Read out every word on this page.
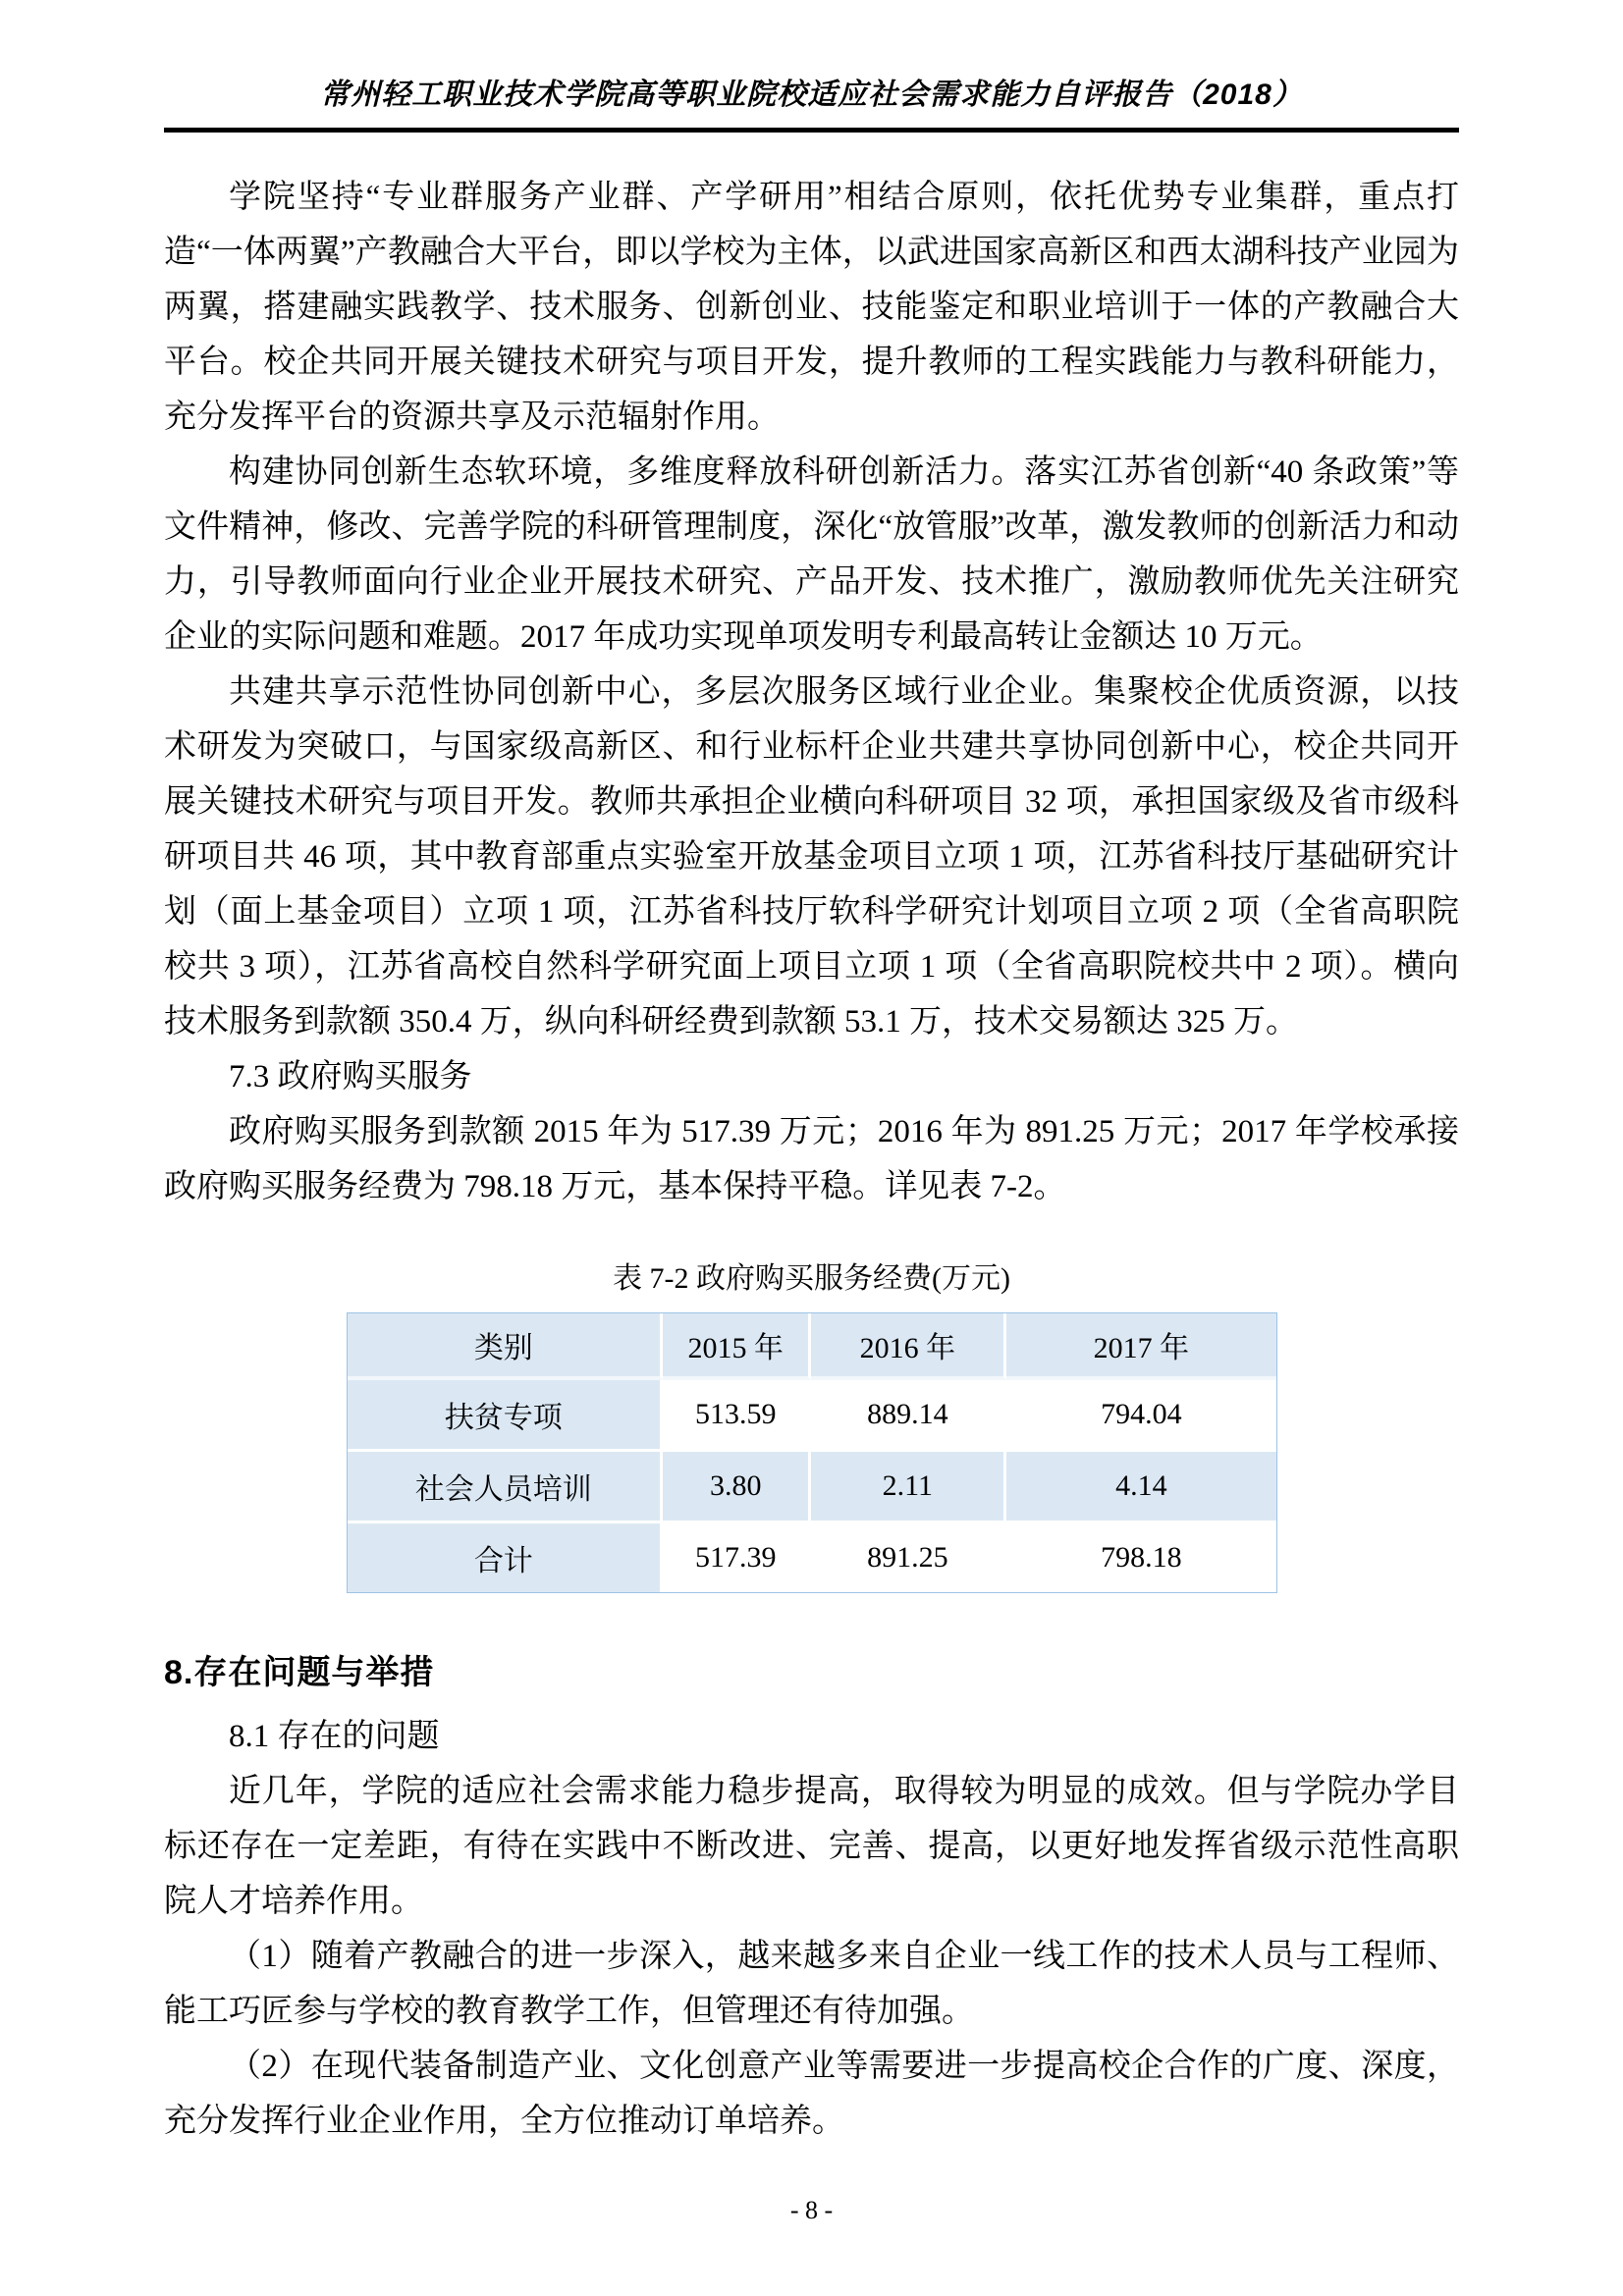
常州轻工职业技术学院高等职业院校适应社会需求能力自评报告（2018）

学院坚持“专业群服务产业群、产学研用”相结合原则，依托优势专业集群，重点打造“一体两翼”产教融合大平台，即以学校为主体，以武进国家高新区和西太湖科技产业园为两翼，搭建融实践教学、技术服务、创新创业、技能鉴定和职业培训于一体的产教融合大平台。校企共同开展关键技术研究与项目开发，提升教师的工程实践能力与教科研能力，充分发挥平台的资源共享及示范辐射作用。

构建协同创新生态软环境，多维度释放科研创新活力。落实江苏省创新“40 条政策”等文件精神，修改、完善学院的科研管理制度，深化“放管服”改革，激发教师的创新活力和动力，引导教师面向行业企业开展技术研究、产品开发、技术推广，激励教师优先关注研究企业的实际问题和难题。2017 年成功实现单项发明专利最高转让金额达 10 万元。

共建共享示范性协同创新中心，多层次服务区域行业企业。集聚校企优质资源，以技术研发为突破口，与国家级高新区、和行业标杆企业共建共享协同创新中心，校企共同开展关键技术研究与项目开发。教师共承担企业横向科研项目 32 项，承担国家级及省市级科研项目共 46 项，其中教育部重点实验室开放基金项目立项 1 项，江苏省科技厅基础研究计划（面上基金项目）立项 1 项，江苏省科技厅软科学研究计划项目立项 2 项（全省高职院校共 3 项），江苏省高校自然科学研究面上项目立项 1 项（全省高职院校共中 2 项）。横向技术服务到款额 350.4 万，纵向科研经费到款额 53.1 万，技术交易额达 325 万。

7.3 政府购买服务

政府购买服务到款额 2015 年为 517.39 万元；2016 年为 891.25 万元；2017 年学校承接政府购买服务经费为 798.18 万元，基本保持平稳。详见表 7-2。

表 7-2 政府购买服务经费(万元)

类别	2015 年	2016 年	2017 年
扶贫专项	513.59	889.14	794.04
社会人员培训	3.80	2.11	4.14
合计	517.39	891.25	798.18
8.存在问题与举措

8.1 存在的问题

近几年，学院的适应社会需求能力稳步提高，取得较为明显的成效。但与学院办学目标还存在一定差距，有待在实践中不断改进、完善、提高，以更好地发挥省级示范性高职院人才培养作用。

（1）随着产教融合的进一步深入，越来越多来自企业一线工作的技术人员与工程师、能工巧匠参与学校的教育教学工作，但管理还有待加强。

（2）在现代装备制造产业、文化创意产业等需要进一步提高校企合作的广度、深度，充分发挥行业企业作用，全方位推动订单培养。

- 8 -
